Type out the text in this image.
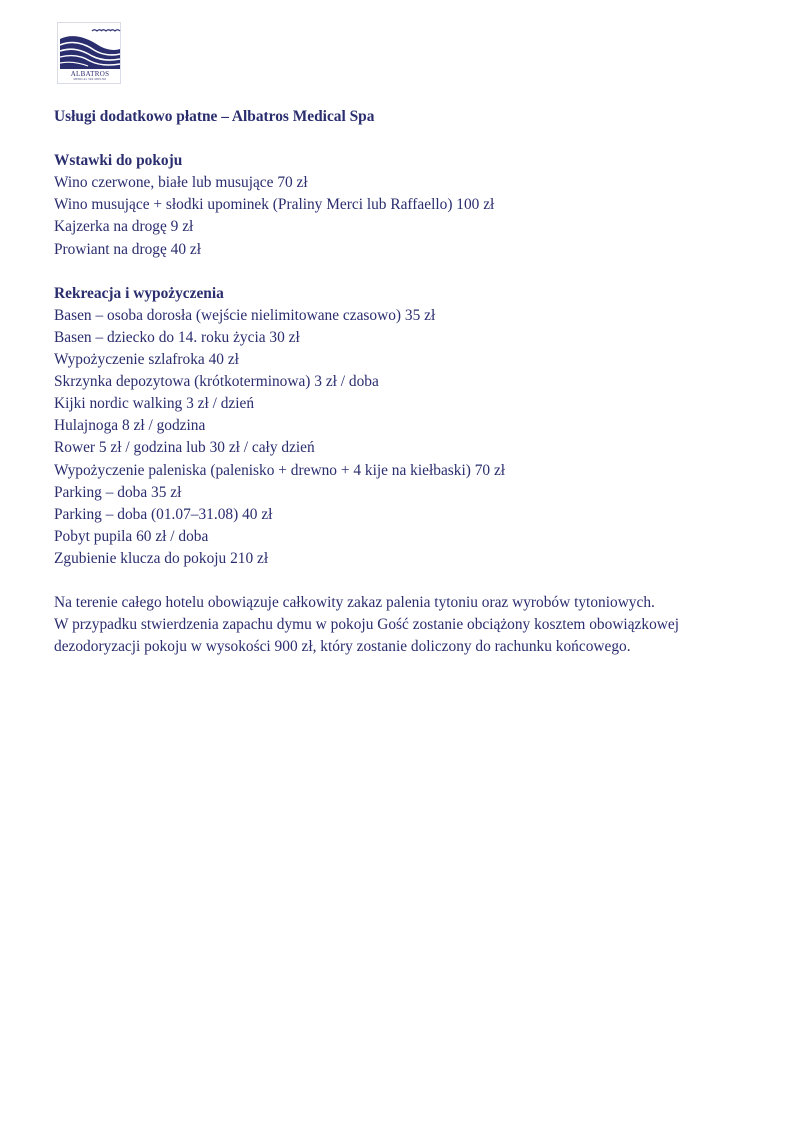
ALBATROS
MEDICAL SPA MIELNO

Usługi dodatkowo płatne – Albatros Medical Spa

Wstawki do pokoju

Wino czerwone, białe lub musujące 70 zł

Wino musujące + słodki upominek (Praliny Merci lub Raffaello) 100 zł

Kajzerka na drogę 9 zł

Prowiant na drogę 40 zł

Rekreacja i wypożyczenia

Basen – osoba dorosła (wejście nielimitowane czasowo) 35 zł

Basen – dziecko do 14. roku życia 30 zł

Wypożyczenie szlafroka 40 zł

Skrzynka depozytowa (krótkoterminowa) 3 zł / doba

Kijki nordic walking 3 zł / dzień

Hulajnoga 8 zł / godzina

Rower 5 zł / godzina lub 30 zł / cały dzień

Wypożyczenie paleniska (palenisko + drewno + 4 kije na kiełbaski) 70 zł

Parking – doba 35 zł

Parking – doba (01.07–31.08) 40 zł

Pobyt pupila 60 zł / doba

Zgubienie klucza do pokoju 210 zł

Na terenie całego hotelu obowiązuje całkowity zakaz palenia tytoniu oraz wyrobów tytoniowych.

W przypadku stwierdzenia zapachu dymu w pokoju Gość zostanie obciążony kosztem obowiązkowej

dezodoryzacji pokoju w wysokości 900 zł, który zostanie doliczony do rachunku końcowego.
